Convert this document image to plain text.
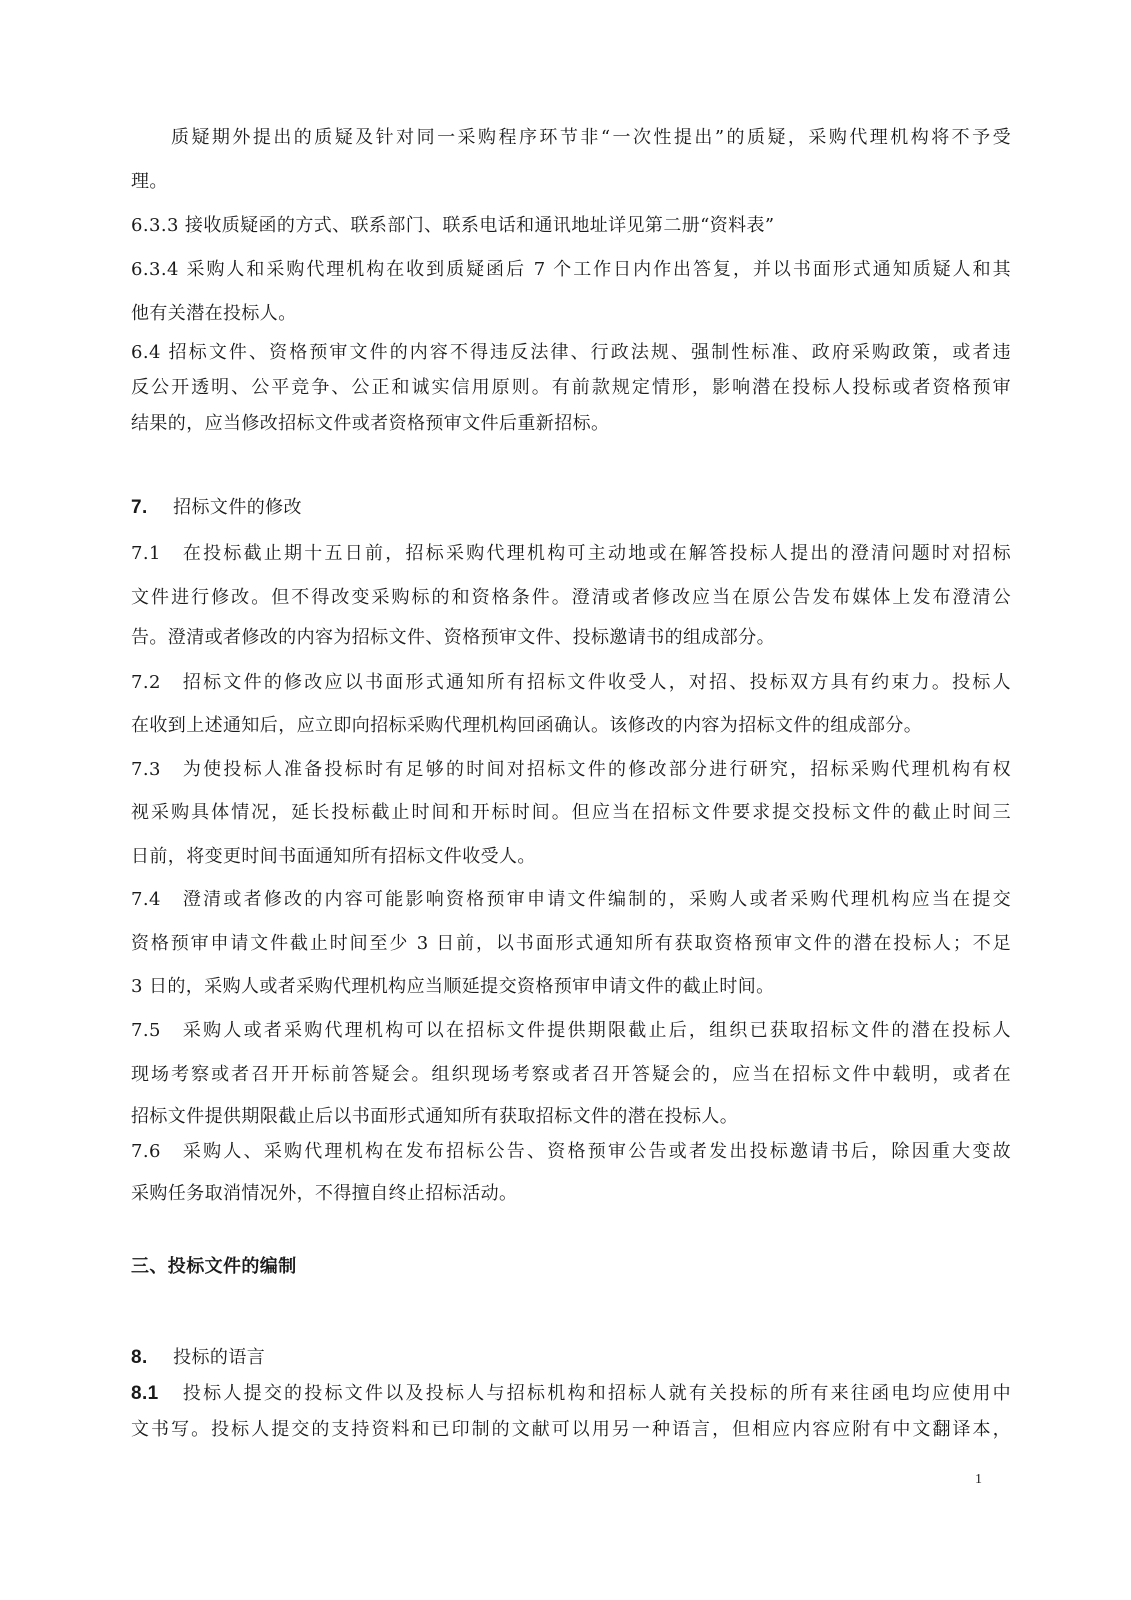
质疑期外提出的质疑及针对同一采购程序环节非“一次性提出”的质疑，采购代理机构将不予受
理。
6.3.3 接收质疑函的方式、联系部门、联系电话和通讯地址详见第二册“资料表”
6.3.4 采购人和采购代理机构在收到质疑函后 7 个工作日内作出答复，并以书面形式通知质疑人和其
他有关潜在投标人。
6.4 招标文件、资格预审文件的内容不得违反法律、行政法规、强制性标准、政府采购政策，或者违
反公开透明、公平竞争、公正和诚实信用原则。有前款规定情形，影响潜在投标人投标或者资格预审
结果的，应当修改招标文件或者资格预审文件后重新招标。
7. 招标文件的修改
7.1 在投标截止期十五日前，招标采购代理机构可主动地或在解答投标人提出的澄清问题时对招标
文件进行修改。但不得改变采购标的和资格条件。澄清或者修改应当在原公告发布媒体上发布澄清公
告。澄清或者修改的内容为招标文件、资格预审文件、投标邀请书的组成部分。
7.2 招标文件的修改应以书面形式通知所有招标文件收受人，对招、投标双方具有约束力。投标人
在收到上述通知后，应立即向招标采购代理机构回函确认。该修改的内容为招标文件的组成部分。
7.3 为使投标人准备投标时有足够的时间对招标文件的修改部分进行研究，招标采购代理机构有权
视采购具体情况，延长投标截止时间和开标时间。但应当在招标文件要求提交投标文件的截止时间三
日前，将变更时间书面通知所有招标文件收受人。
7.4 澄清或者修改的内容可能影响资格预审申请文件编制的，采购人或者采购代理机构应当在提交
资格预审申请文件截止时间至少 3 日前，以书面形式通知所有获取资格预审文件的潜在投标人；不足
3 日的，采购人或者采购代理机构应当顺延提交资格预审申请文件的截止时间。
7.5 采购人或者采购代理机构可以在招标文件提供期限截止后，组织已获取招标文件的潜在投标人
现场考察或者召开开标前答疑会。组织现场考察或者召开答疑会的，应当在招标文件中载明，或者在
招标文件提供期限截止后以书面形式通知所有获取招标文件的潜在投标人。
7.6 采购人、采购代理机构在发布招标公告、资格预审公告或者发出投标邀请书后，除因重大变故
采购任务取消情况外，不得擅自终止招标活动。
三、投标文件的编制
8. 投标的语言
8.1 投标人提交的投标文件以及投标人与招标机构和招标人就有关投标的所有来往函电均应使用中
文书写。投标人提交的支持资料和已印制的文献可以用另一种语言，但相应内容应附有中文翻译本，
1
